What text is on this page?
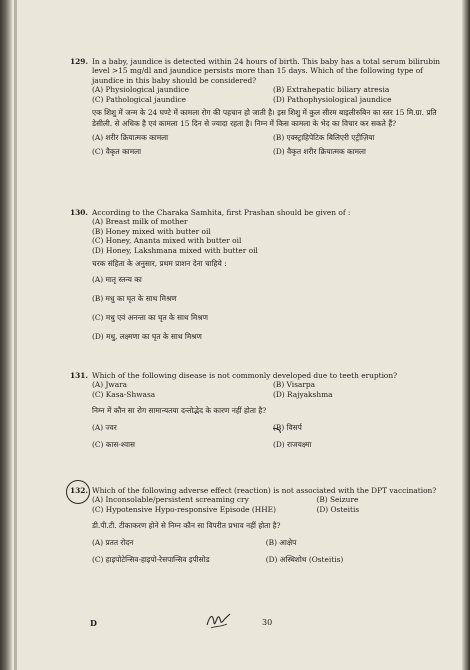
129. In a baby, jaundice is detected within 24 hours of birth. This baby has a total serum bilirubin level >15 mg/dl and jaundice persists more than 15 days. Which of the following type of jaundice in this baby should be considered?

(A) Physiological jaundice	(B) Extrahepatic biliary atresia
(C) Pathological jaundice	(D) Pathophysiological jaundice
एक शिशु में जन्म के 24 घण्टे में कामला रोग की पहचान हो जाती है। इस शिशु में कुल सीरम बाइलीरुबिन का स्तर 15 मि.ग्रा. प्रति डेसीली. से अधिक है एवं कामला 15 दिन से ज्यादा रहता है। निम्न में किस कामला के भेद का विचार कर सकते हैं?
(A) शरीर क्रियात्मक कामला	(B) एक्स्ट्राहिपेटिक बिलिएरी एट्रीज़िया
(C) वैकृत कामला	(D) वैकृत शरीर क्रियात्मक कामला
130. According to the Charaka Samhita, first Prashan should be given of :

(A) Breast milk of mother
(B) Honey mixed with butter oil
(C) Honey, Ananta mixed with butter oil
(D) Honey, Lakshmana mixed with butter oil
चरक संहिता के अनुसार, प्रथम प्राशन देना चाहिये :
(A) मातृ स्तन्य का
(B) मधु का घृत के साथ मिश्रण
(C) मधु एवं अनन्ता का घृत के साथ मिश्रण
(D) मधु, लक्ष्मणा का घृत के साथ मिश्रण
131. Which of the following disease is not commonly developed due to teeth eruption?

(A) Jwara	(B) Visarpa
(C) Kasa-Shwasa	(D) Rajyakshma
निम्न में कौन सा रोग सामान्यतया दन्तोद्भेद के कारण नहीं होता है?
(A) ज्वर	(B) विसर्प
(C) कास-श्वास	(D) राजयक्ष्मा
132. Which of the following adverse effect (reaction) is not associated with the DPT vaccination?

(A) Inconsolable/persistent screaming cry	(B) Seizure
(C) Hypotensive Hypo-responsive Episode (HHE)	(D) Osteitis
डी.पी.टी. टीकाकरण होने से निम्न कौन सा विपरीत प्रभाव नहीं होता है?
(A) प्रतत रोदन	(B) आक्षेप
(C) हाइपोटेन्सिव-हाइपो-रेसपान्सिव इपीसोड	(D) अस्थिशोथ (Osteitis)
D	30
